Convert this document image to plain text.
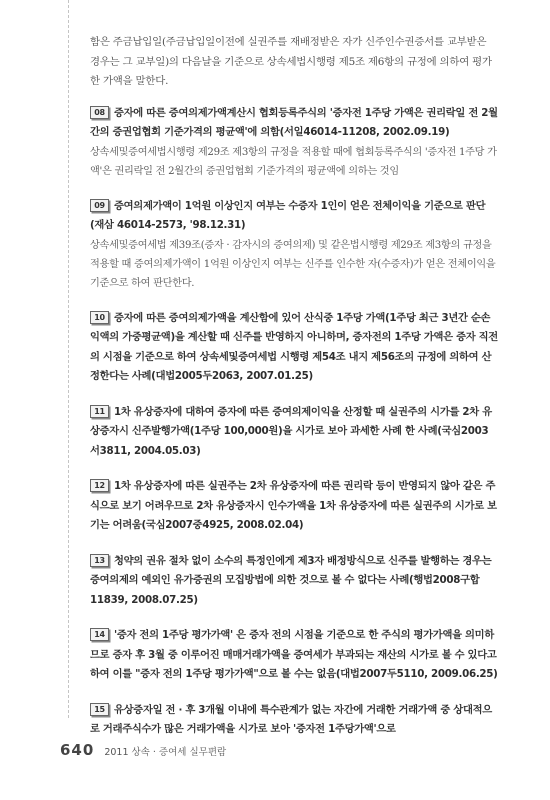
함은 주금납입일(주금납입일이전에 실권주를 재배정받은 자가 신주인수권증서를 교부받은 경우는 그 교부일)의 다음날을 기준으로 상속세법시행령 제5조 제6항의 규정에 의하여 평가한 가액을 말한다.

08 증자에 따른 증여의제가액계산시 협회등록주식의 '증자전 1주당 가액은 권리락일 전 2월간의 증권업협회 기준가격의 평균액'에 의함(서일46014-11208, 2002.09.19)

상속세및증여세법시행령 제29조 제3항의 규정을 적용할 때에 협회등록주식의 '증자전 1주당 가액'은 권리락일 전 2월간의 증권업협회 기준가격의 평균액에 의하는 것임

09 증여의제가액이 1억원 이상인지 여부는 수증자 1인이 얻은 전체이익을 기준으로 판단(재삼 46014-2573, '98.12.31)

상속세및증여세법 제39조(증자 · 감자시의 증여의제) 및 같은법시행령 제29조 제3항의 규정을 적용할 때 증여의제가액이 1억원 이상인지 여부는 신주를 인수한 자(수증자)가 얻은 전체이익을 기준으로 하여 판단한다.

10 증자에 따른 증여의제가액을 계산함에 있어 산식중 1주당 가액(1주당 최근 3년간 순손익액의 가중평균액)을 계산할 때 신주를 반영하지 아니하며, 증자전의 1주당 가액은 증자 직전의 시점을 기준으로 하여 상속세및증여세법 시행령 제54조 내지 제56조의 규정에 의하여 산정한다는 사례(대법2005두2063, 2007.01.25)

11 1차 유상증자에 대하여 증자에 따른 증여의제이익을 산정할 때 실권주의 시가를 2차 유상증자시 신주발행가액(1주당 100,000원)을 시가로 보아 과세한 사례 한 사례(국심2003서3811, 2004.05.03)

12 1차 유상증자에 따른 실권주는 2차 유상증자에 따른 권리락 등이 반영되지 않아 같은 주식으로 보기 어려우므로 2차 유상증자시 인수가액을 1차 유상증자에 따른 실권주의 시가로 보기는 어려움(국심2007중4925, 2008.02.04)

13 청약의 권유 절차 없이 소수의 특정인에게 제3자 배정방식으로 신주를 발행하는 경우는 증여의제의 예외인 유가증권의 모집방법에 의한 것으로 볼 수 없다는 사례(행법2008구합11839, 2008.07.25)

14 '증자 전의 1주당 평가가액' 은 증자 전의 시점을 기준으로 한 주식의 평가가액을 의미하므로 증자 후 3월 중 이루어진 매매거래가액을 증여세가 부과되는 재산의 시가로 볼 수 있다고 하여 이를 "증자 전의 1주당 평가가액"으로 볼 수는 없음(대법2007두5110, 2009.06.25)

15 유상증자일 전 · 후 3개월 이내에 특수관계가 없는 자간에 거래한 거래가액 중 상대적으로 거래주식수가 많은 거래가액을 시가로 보아 '증자전 1주당가액'으로

640 2011 상속 · 증여세 실무편람
